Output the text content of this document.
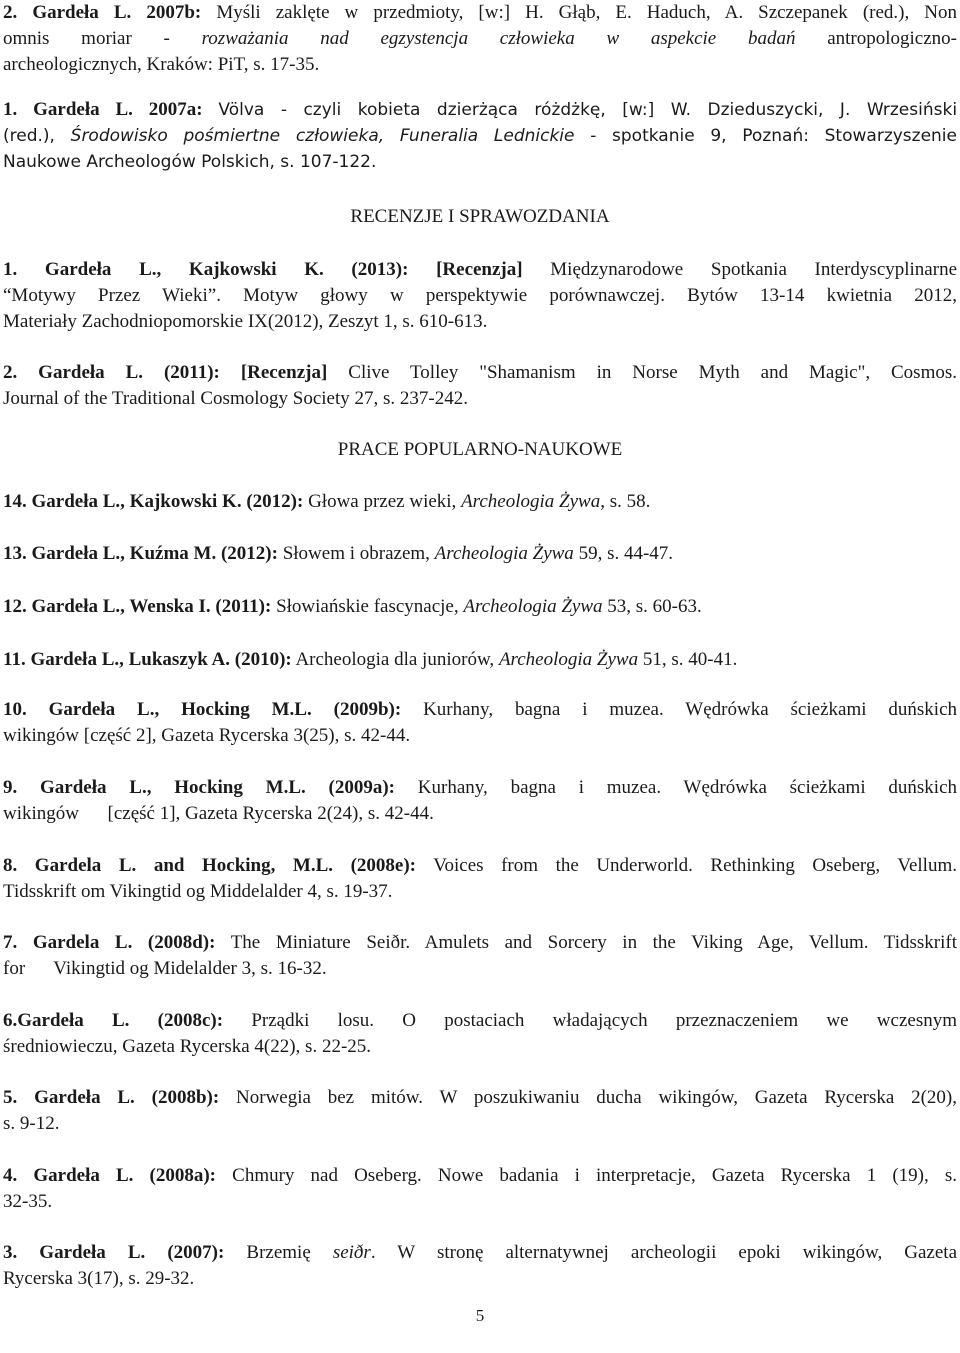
2. Gardeła L. 2007b: Myśli zaklęte w przedmioty, [w:] H. Głąb, E. Haduch, A. Szczepanek (red.), Non
omnis moriar - rozważania nad egzystencja człowieka w aspekcie badań antropologiczno-
archeologicznych, Kraków: PiT, s. 17-35.
1. Gardeła L. 2007a: Völva - czyli kobieta dzierżąca różdżkę, [w:] W. Dzieduszycki, J. Wrzesiński
(red.), Środowisko pośmiertne człowieka, Funeralia Lednickie - spotkanie 9, Poznań: Stowarzyszenie
Naukowe Archeologów Polskich, s. 107-122.
RECENZJE I SPRAWOZDANIA
1. Gardeła L., Kajkowski K. (2013): [Recenzja] Międzynarodowe Spotkania Interdyscyplinarne
“Motywy Przez Wieki”. Motyw głowy w perspektywie porównawczej. Bytów 13-14 kwietnia 2012,
Materiały Zachodniopomorskie IX(2012), Zeszyt 1, s. 610-613.
2. Gardeła L. (2011): [Recenzja] Clive Tolley "Shamanism in Norse Myth and Magic", Cosmos.
Journal of the Traditional Cosmology Society 27, s. 237-242.
PRACE POPULARNO-NAUKOWE
14. Gardeła L., Kajkowski K. (2012): Głowa przez wieki, Archeologia Żywa, s. 58.
13. Gardeła L., Kuźma M. (2012): Słowem i obrazem, Archeologia Żywa 59, s. 44-47.
12. Gardeła L., Wenska I. (2011): Słowiańskie fascynacje, Archeologia Żywa 53, s. 60-63.
11. Gardeła L., Lukaszyk A. (2010): Archeologia dla juniorów, Archeologia Żywa 51, s. 40-41.
10. Gardeła L., Hocking M.L. (2009b): Kurhany, bagna i muzea. Wędrówka ścieżkami duńskich
wikingów [część 2], Gazeta Rycerska 3(25), s. 42-44.
9. Gardeła L., Hocking M.L. (2009a): Kurhany, bagna i muzea. Wędrówka ścieżkami duńskich
wikingów      [część 1], Gazeta Rycerska 2(24), s. 42-44.
8. Gardela L. and Hocking, M.L. (2008e): Voices from the Underworld. Rethinking Oseberg, Vellum.
Tidsskrift om Vikingtid og Middelalder 4, s. 19-37.
7. Gardela L. (2008d): The Miniature Seiðr. Amulets and Sorcery in the Viking Age, Vellum. Tidsskrift
for      Vikingtid og Midelalder 3, s. 16-32.
6.Gardeła L. (2008c): Prządki losu. O postaciach władających przeznaczeniem we wczesnym
średniowieczu, Gazeta Rycerska 4(22), s. 22-25.
5. Gardeła L. (2008b): Norwegia bez mitów. W poszukiwaniu ducha wikingów, Gazeta Rycerska 2(20),
s. 9-12.
4. Gardeła L. (2008a): Chmury nad Oseberg. Nowe badania i interpretacje, Gazeta Rycerska 1 (19), s.
32-35.
3. Gardeła L. (2007): Brzemię seiðr. W stronę alternatywnej archeologii epoki wikingów, Gazeta
Rycerska 3(17), s. 29-32.
5
